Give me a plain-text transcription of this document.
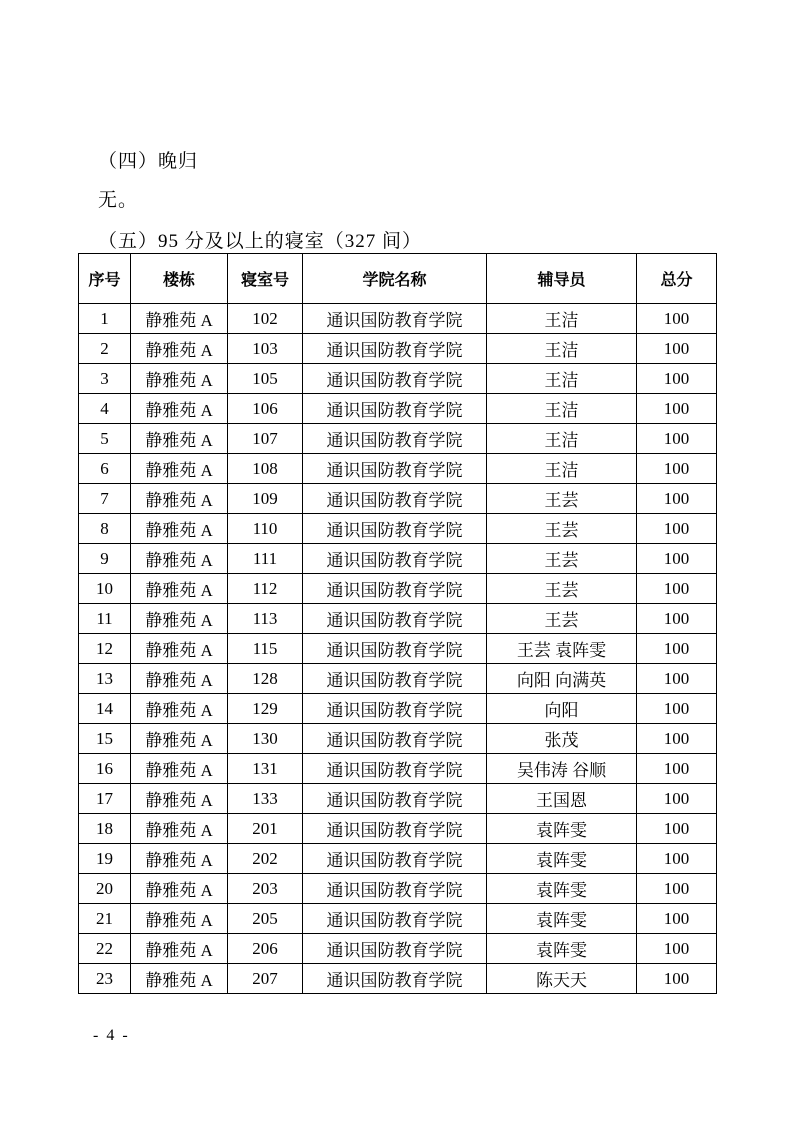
（四）晚归
无。
（五）95 分及以上的寝室（327 间）
序号	楼栋	寝室号	学院名称	辅导员	总分
1	静雅苑 A	102	通识国防教育学院	王洁	100
2	静雅苑 A	103	通识国防教育学院	王洁	100
3	静雅苑 A	105	通识国防教育学院	王洁	100
4	静雅苑 A	106	通识国防教育学院	王洁	100
5	静雅苑 A	107	通识国防教育学院	王洁	100
6	静雅苑 A	108	通识国防教育学院	王洁	100
7	静雅苑 A	109	通识国防教育学院	王芸	100
8	静雅苑 A	110	通识国防教育学院	王芸	100
9	静雅苑 A	111	通识国防教育学院	王芸	100
10	静雅苑 A	112	通识国防教育学院	王芸	100
11	静雅苑 A	113	通识国防教育学院	王芸	100
12	静雅苑 A	115	通识国防教育学院	王芸 袁阵雯	100
13	静雅苑 A	128	通识国防教育学院	向阳 向满英	100
14	静雅苑 A	129	通识国防教育学院	向阳	100
15	静雅苑 A	130	通识国防教育学院	张茂	100
16	静雅苑 A	131	通识国防教育学院	吴伟涛 谷顺	100
17	静雅苑 A	133	通识国防教育学院	王国恩	100
18	静雅苑 A	201	通识国防教育学院	袁阵雯	100
19	静雅苑 A	202	通识国防教育学院	袁阵雯	100
20	静雅苑 A	203	通识国防教育学院	袁阵雯	100
21	静雅苑 A	205	通识国防教育学院	袁阵雯	100
22	静雅苑 A	206	通识国防教育学院	袁阵雯	100
23	静雅苑 A	207	通识国防教育学院	陈天天	100
- 4 -
